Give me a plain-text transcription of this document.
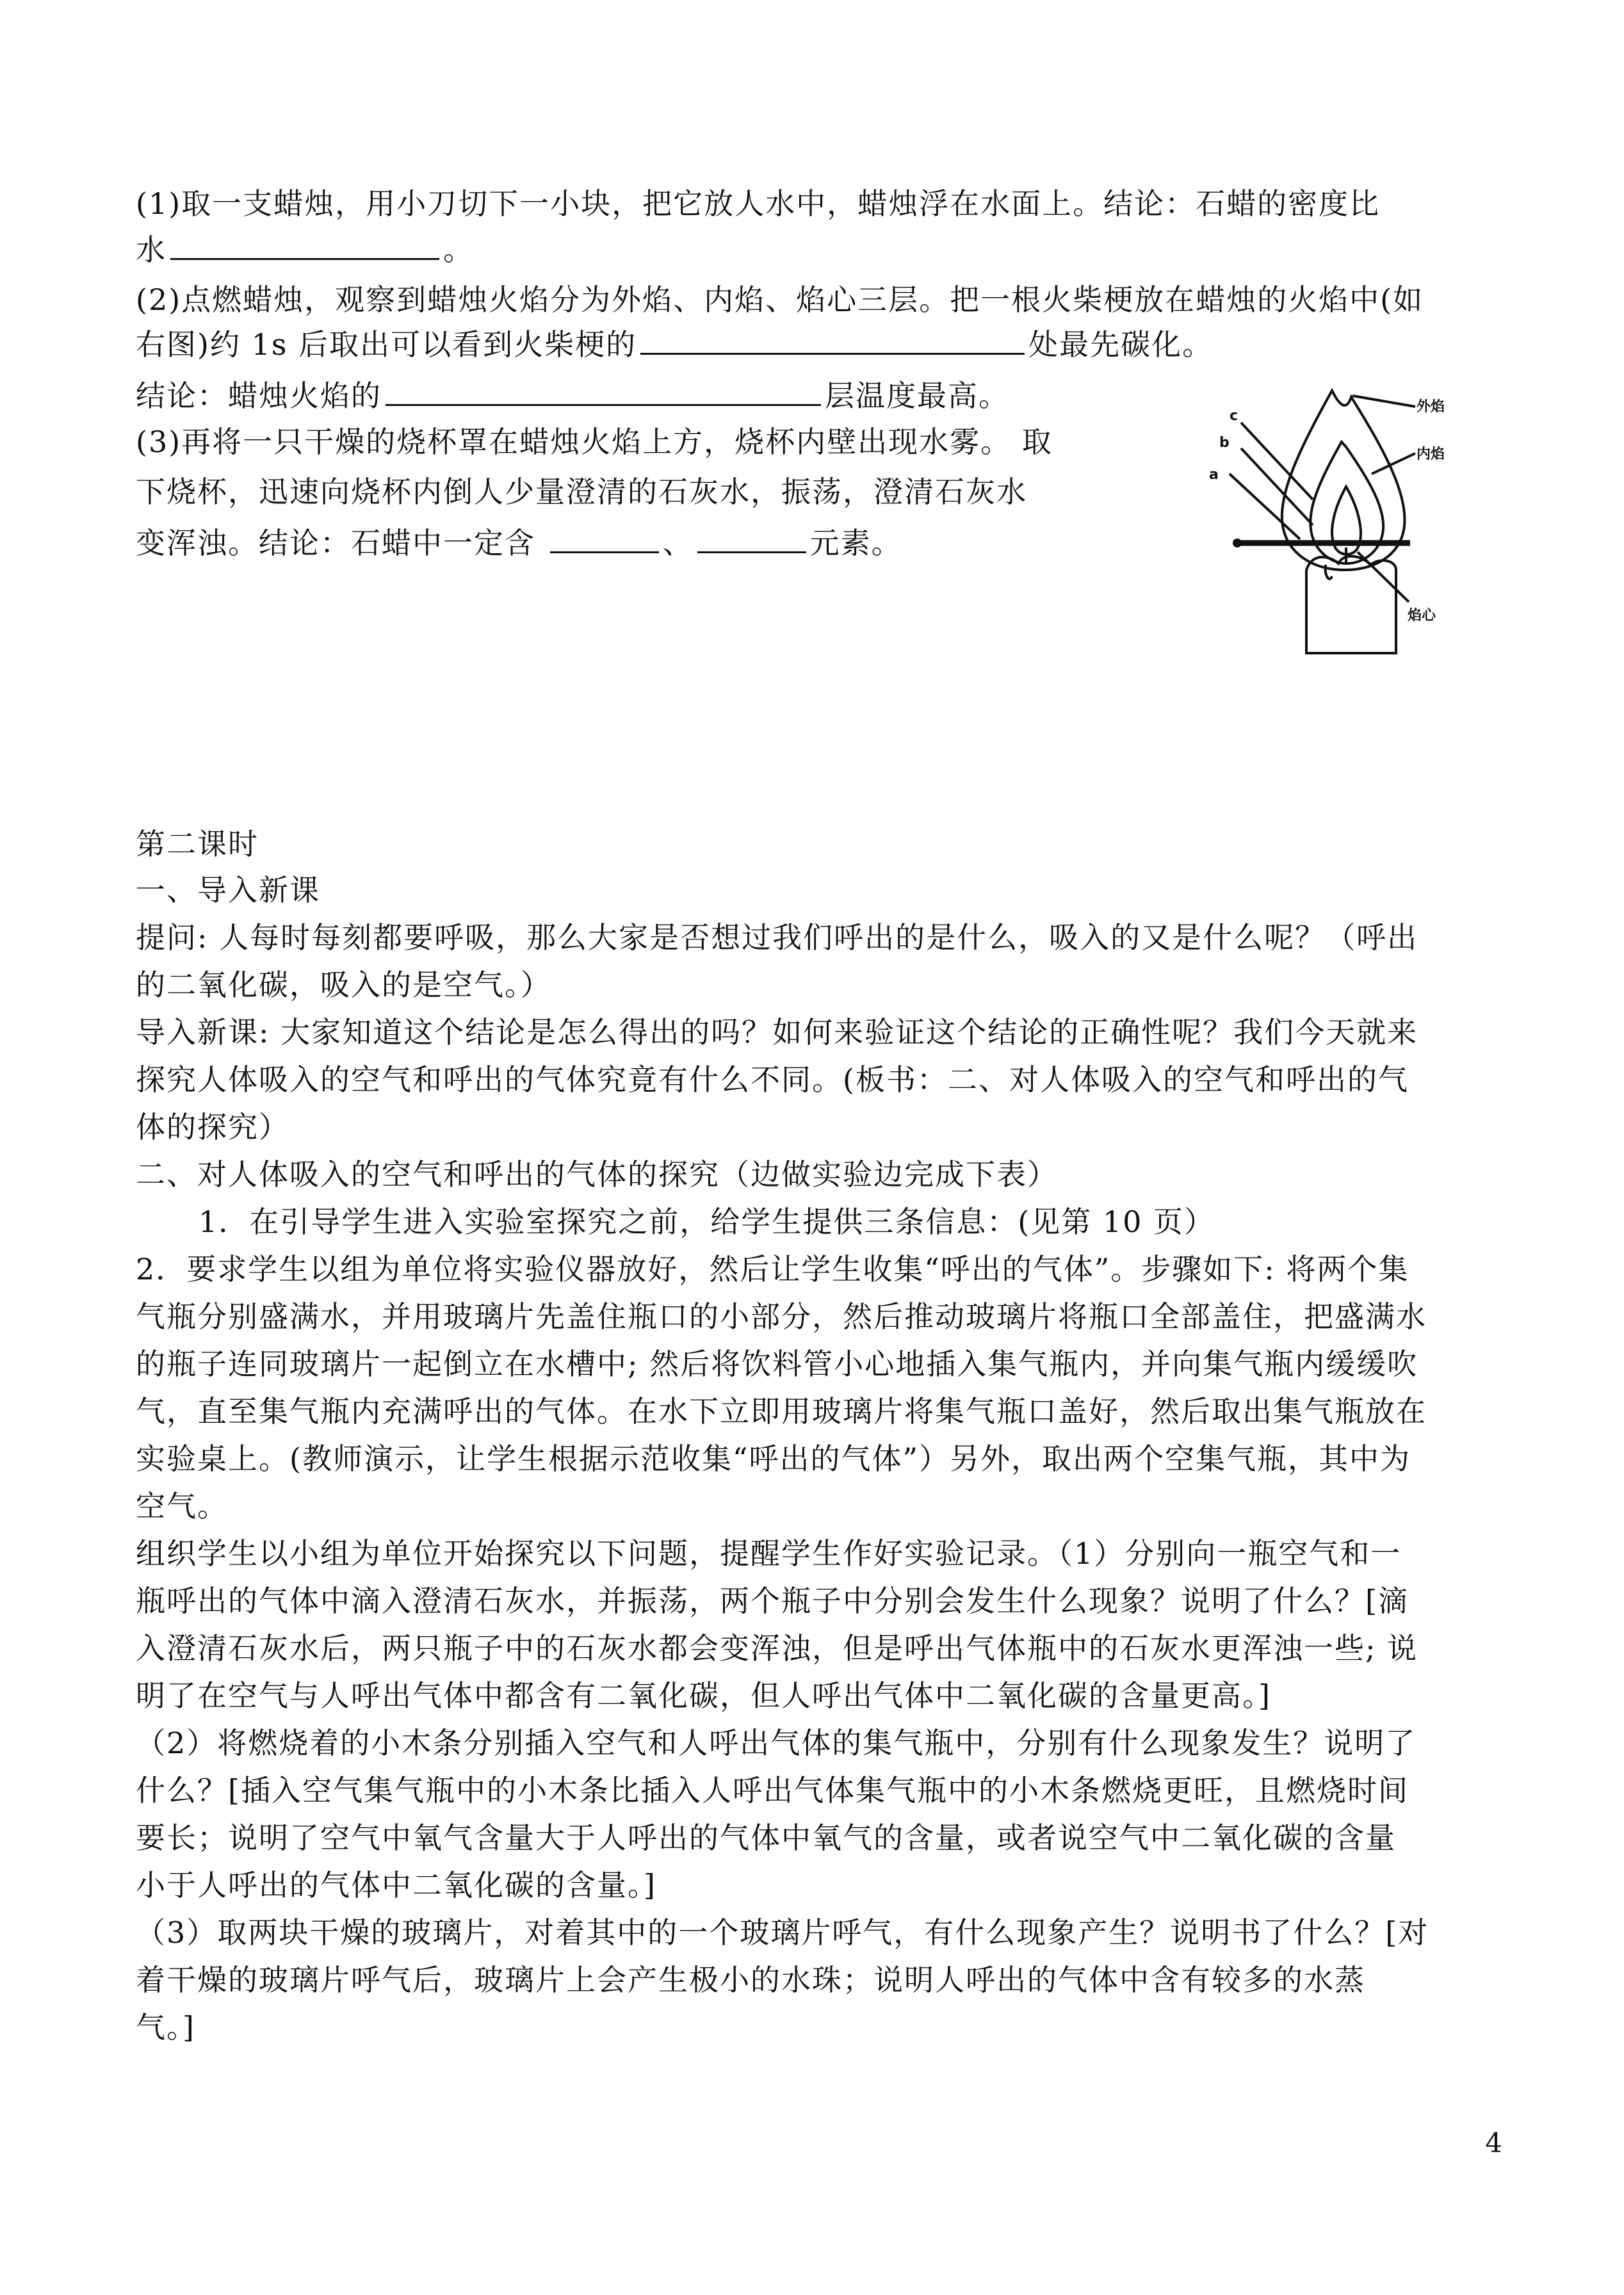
(1)取一支蜡烛，用小刀切下一小块，把它放人水中，蜡烛浮在水面上。结论：石蜡的密度比
水	。
(2)点燃蜡烛，观察到蜡烛火焰分为外焰、内焰、焰心三层。把一根火柴梗放在蜡烛的火焰中(如
右图)约 1s 后取出可以看到火柴梗的	处最先碳化。
结论：蜡烛火焰的	层温度最高。
(3)再将一只干燥的烧杯罩在蜡烛火焰上方，烧杯内壁出现水雾。 取
下烧杯，迅速向烧杯内倒人少量澄清的石灰水，振荡，澄清石灰水
变浑浊。结论：石蜡中一定含	、	元素。
外焰
内焰
焰心
c
b
a
第二课时
一、导入新课
提问: 人每时每刻都要呼吸，那么大家是否想过我们呼出的是什么，吸入的又是什么呢？（呼出
的二氧化碳，吸入的是空气。）
导入新课: 大家知道这个结论是怎么得出的吗？如何来验证这个结论的正确性呢？我们今天就来
探究人体吸入的空气和呼出的气体究竟有什么不同。(板书：二、对人体吸入的空气和呼出的气
体的探究）
二、对人体吸入的空气和呼出的气体的探究（边做实验边完成下表）
1．在引导学生进入实验室探究之前，给学生提供三条信息：(见第 10 页）
2．要求学生以组为单位将实验仪器放好，然后让学生收集“呼出的气体”。步骤如下: 将两个集
气瓶分别盛满水，并用玻璃片先盖住瓶口的小部分，然后推动玻璃片将瓶口全部盖住，把盛满水
的瓶子连同玻璃片一起倒立在水槽中; 然后将饮料管小心地插入集气瓶内，并向集气瓶内缓缓吹
气，直至集气瓶内充满呼出的气体。在水下立即用玻璃片将集气瓶口盖好，然后取出集气瓶放在
实验桌上。(教师演示，让学生根据示范收集“呼出的气体”）另外，取出两个空集气瓶，其中为
空气。
组织学生以小组为单位开始探究以下问题，提醒学生作好实验记录。（1）分别向一瓶空气和一
瓶呼出的气体中滴入澄清石灰水，并振荡，两个瓶子中分别会发生什么现象？说明了什么？[滴
入澄清石灰水后，两只瓶子中的石灰水都会变浑浊，但是呼出气体瓶中的石灰水更浑浊一些; 说
明了在空气与人呼出气体中都含有二氧化碳，但人呼出气体中二氧化碳的含量更高。]
（2）将燃烧着的小木条分别插入空气和人呼出气体的集气瓶中，分别有什么现象发生？说明了
什么？[插入空气集气瓶中的小木条比插入人呼出气体集气瓶中的小木条燃烧更旺，且燃烧时间
要长；说明了空气中氧气含量大于人呼出的气体中氧气的含量，或者说空气中二氧化碳的含量
小于人呼出的气体中二氧化碳的含量。]
（3）取两块干燥的玻璃片，对着其中的一个玻璃片呼气，有什么现象产生？说明书了什么？[对
着干燥的玻璃片呼气后，玻璃片上会产生极小的水珠；说明人呼出的气体中含有较多的水蒸
气。]
4
